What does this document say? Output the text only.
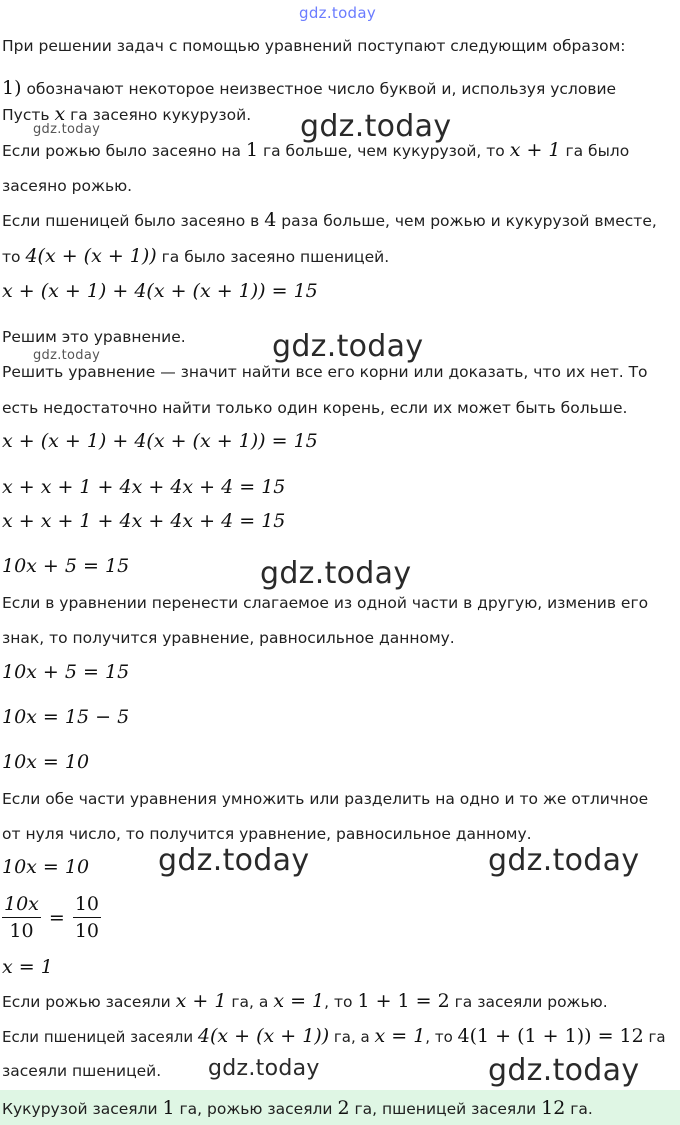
gdz.today
gdz.today
gdz.today
gdz.today
gdz.today
gdz.today
gdz.today	gdz.today
gdz.today	gdz.today
При решении задач с помощью уравнений поступают следующим образом:
1) обозначают некоторое неизвестное число буквой и, используя условие
Пусть x га засеяно кукурузой.
Если рожью было засеяно на 1 га больше, чем кукурузой, то x + 1 га было
засеяно рожью.
Если пшеницей было засеяно в 4 раза больше, чем рожью и кукурузой вместе,
то 4(x + (x + 1)) га было засеяно пшеницей.
x + (x + 1) + 4(x + (x + 1)) = 15
Решим это уравнение.
Решить уравнение — значит найти все его корни или доказать, что их нет. То
есть недостаточно найти только один корень, если их может быть больше.
x + (x + 1) + 4(x + (x + 1)) = 15
x + x + 1 + 4x + 4x + 4 = 15
x + x + 1 + 4x + 4x + 4 = 15
10x + 5 = 15
Если в уравнении перенести слагаемое из одной части в другую, изменив его
знак, то получится уравнение, равносильное данному.
10x + 5 = 15
10x = 15 − 5
10x = 10
Если обе части уравнения умножить или разделить на одно и то же отличное
от нуля число, то получится уравнение, равносильное данному.
10x = 10
$\frac{10x}{10} = \frac{10}{10}$
x = 1
Если рожью засеяли x + 1 га, а x = 1, то 1 + 1 = 2 га засеяли рожью.
Если пшеницей засеяли 4(x + (x + 1)) га, а x = 1, то 4(1 + (1 + 1)) = 12 га
засеяли пшеницей.
Кукурузой засеяли 1 га, рожью засеяли 2 га, пшеницей засеяли 12 га.
